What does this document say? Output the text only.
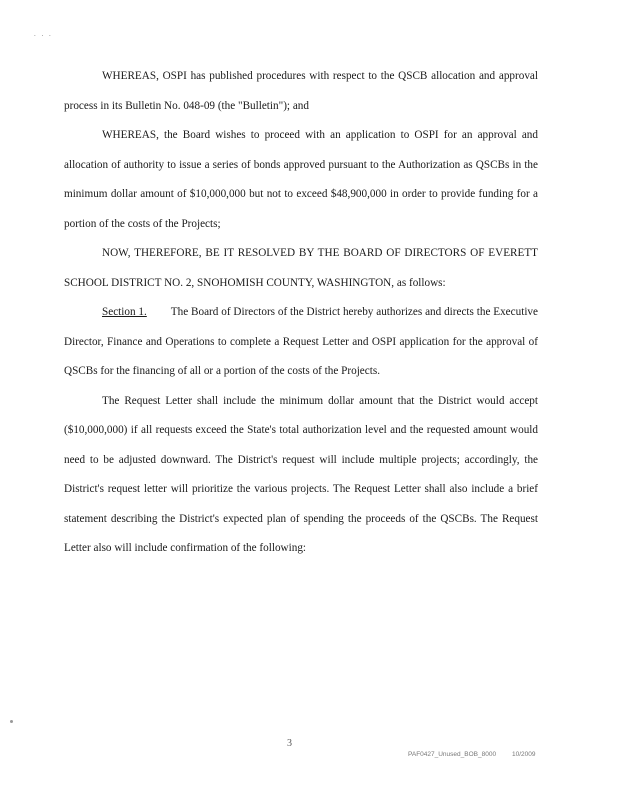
. . .

WHEREAS, OSPI has published procedures with respect to the QSCB allocation and approval process in its Bulletin No. 048-09 (the "Bulletin"); and

WHEREAS, the Board wishes to proceed with an application to OSPI for an approval and allocation of authority to issue a series of bonds approved pursuant to the Authorization as QSCBs in the minimum dollar amount of $10,000,000 but not to exceed $48,900,000 in order to provide funding for a portion of the costs of the Projects;

NOW, THEREFORE, BE IT RESOLVED BY THE BOARD OF DIRECTORS OF EVERETT SCHOOL DISTRICT NO. 2, SNOHOMISH COUNTY, WASHINGTON, as follows:

Section 1. The Board of Directors of the District hereby authorizes and directs the Executive Director, Finance and Operations to complete a Request Letter and OSPI application for the approval of QSCBs for the financing of all or a portion of the costs of the Projects.

The Request Letter shall include the minimum dollar amount that the District would accept ($10,000,000) if all requests exceed the State's total authorization level and the requested amount would need to be adjusted downward. The District's request will include multiple projects; accordingly, the District's request letter will prioritize the various projects. The Request Letter shall also include a brief statement describing the District's expected plan of spending the proceeds of the QSCBs. The Request Letter also will include confirmation of the following:

3
PAF0427_Unused_BOB_8000 10/2009
